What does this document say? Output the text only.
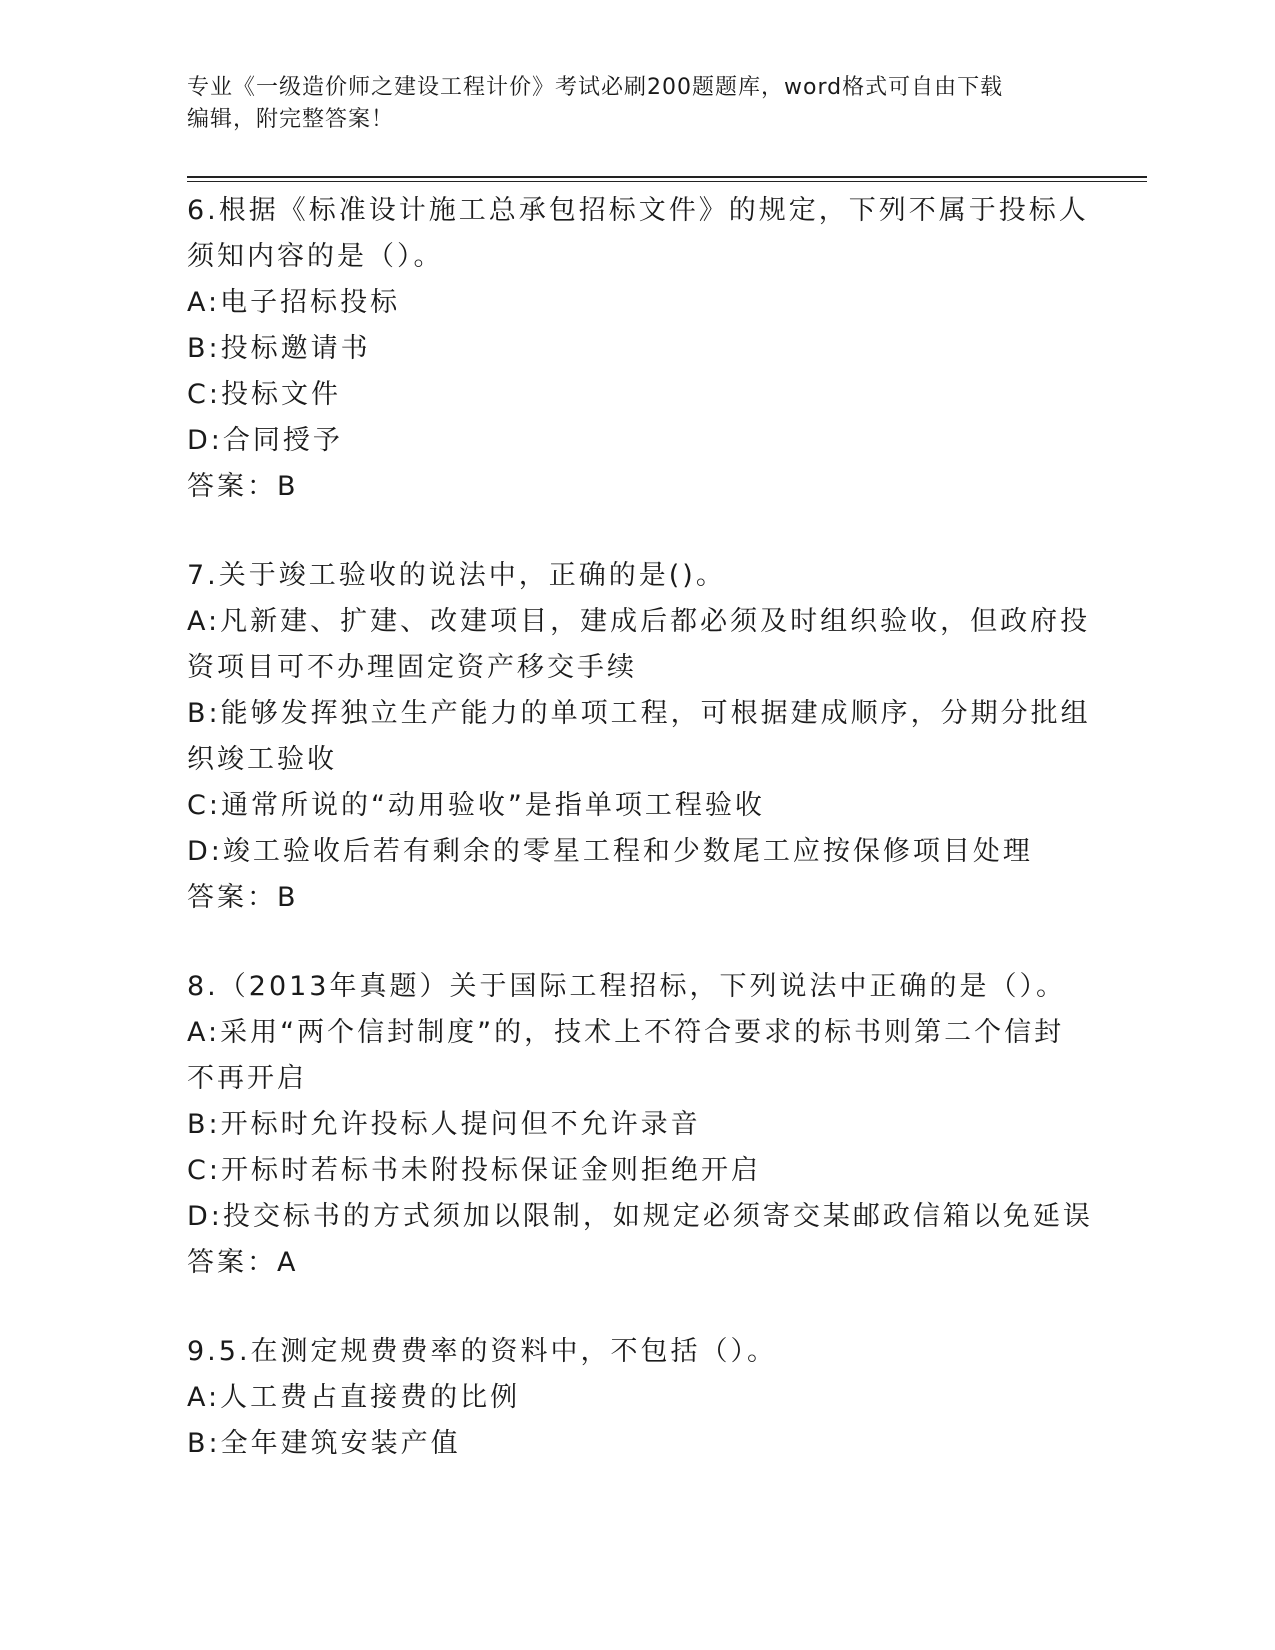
专业《一级造价师之建设工程计价》考试必刷200题题库，word格式可自由下载
编辑，附完整答案！
6.根据《标准设计施工总承包招标文件》的规定，下列不属于投标人
须知内容的是（）。
A:电子招标投标
B:投标邀请书
C:投标文件
D:合同授予
答案：B
7.关于竣工验收的说法中，正确的是()。
A:凡新建、扩建、改建项目，建成后都必须及时组织验收，但政府投
资项目可不办理固定资产移交手续
B:能够发挥独立生产能力的单项工程，可根据建成顺序，分期分批组
织竣工验收
C:通常所说的“动用验收”是指单项工程验收
D:竣工验收后若有剩余的零星工程和少数尾工应按保修项目处理
答案：B
8.（2013年真题）关于国际工程招标，下列说法中正确的是（）。
A:采用“两个信封制度”的，技术上不符合要求的标书则第二个信封
不再开启
B:开标时允许投标人提问但不允许录音
C:开标时若标书未附投标保证金则拒绝开启
D:投交标书的方式须加以限制，如规定必须寄交某邮政信箱以免延误
答案：A
9.5.在测定规费费率的资料中，不包括（）。
A:人工费占直接费的比例
B:全年建筑安装产值
